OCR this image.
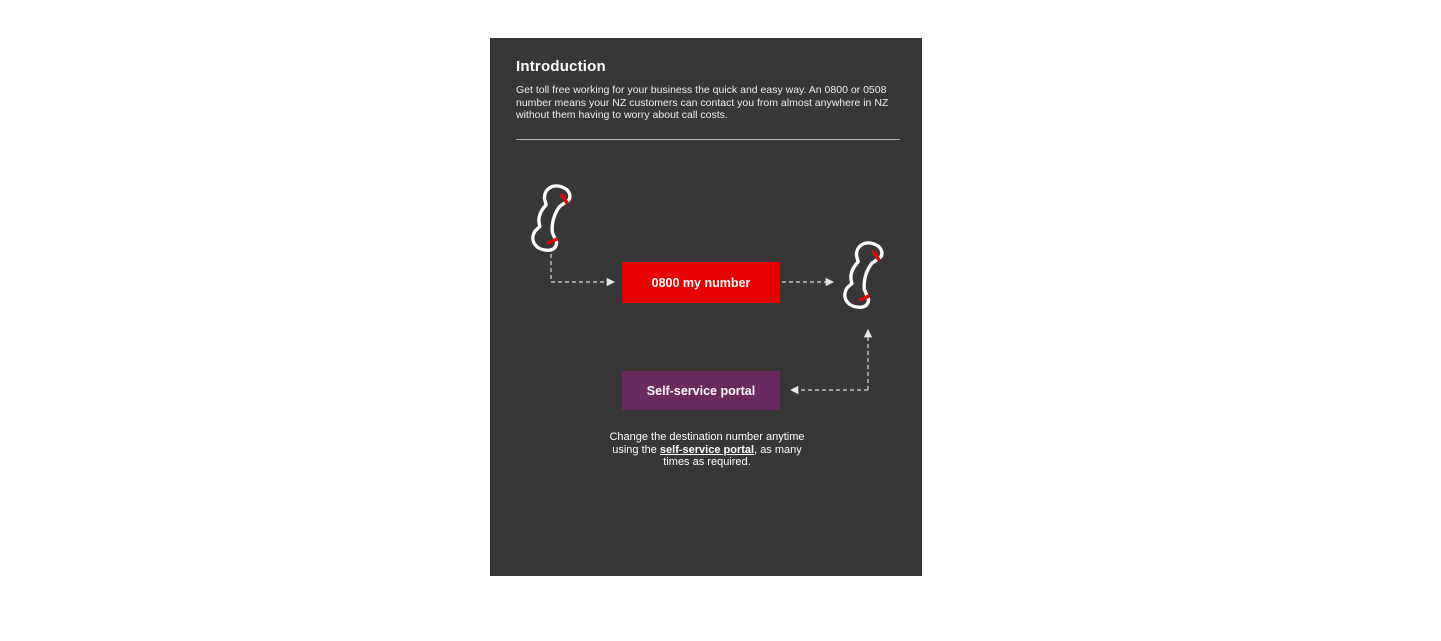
Introduction

Get toll free working for your business the quick and easy way. An 0800 or 0508 number means your NZ customers can contact you from almost anywhere in NZ without them having to worry about call costs.

0800 my number
Self-service portal

Change the destination number anytime using the self-service portal, as many times as required.
